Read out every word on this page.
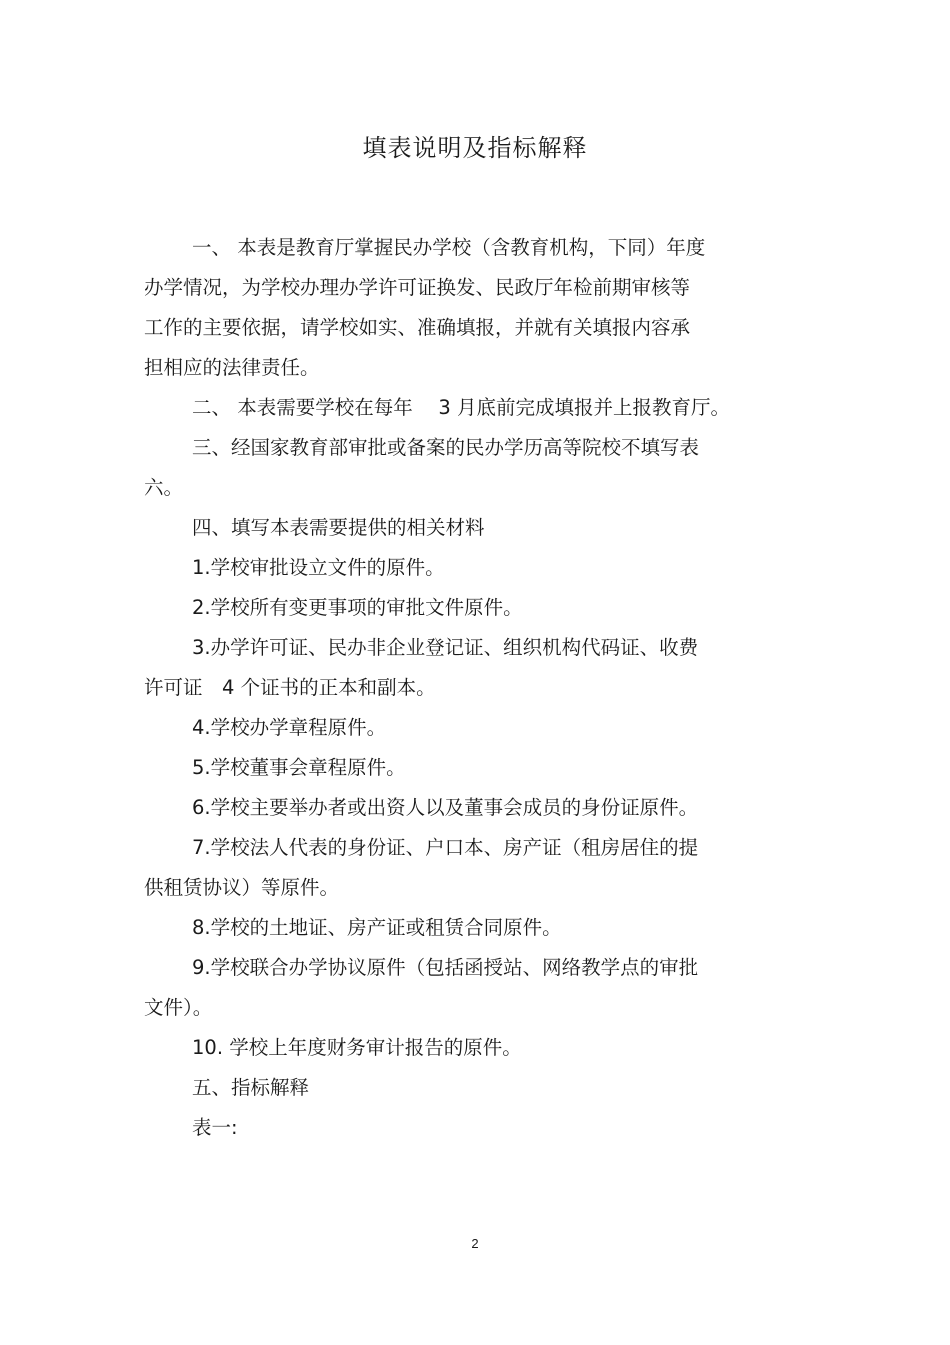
填表说明及指标解释
一、 本表是教育厅掌握民办学校（含教育机构，下同）年度
办学情况，为学校办理办学许可证换发、民政厅年检前期审核等
工作的主要依据，请学校如实、准确填报，并就有关填报内容承
担相应的法律责任。
二、 本表需要学校在每年　 3 月底前完成填报并上报教育厅。
三、经国家教育部审批或备案的民办学历高等院校不填写表
六。
四、填写本表需要提供的相关材料
1.学校审批设立文件的原件。
2.学校所有变更事项的审批文件原件。
3.办学许可证、民办非企业登记证、组织机构代码证、收费
许可证　4 个证书的正本和副本。
4.学校办学章程原件。
5.学校董事会章程原件。
6.学校主要举办者或出资人以及董事会成员的身份证原件。
7.学校法人代表的身份证、户口本、房产证（租房居住的提
供租赁协议）等原件。
8.学校的土地证、房产证或租赁合同原件。
9.学校联合办学协议原件（包括函授站、网络教学点的审批
文件）。
10. 学校上年度财务审计报告的原件。
五、指标解释
表一:
2
